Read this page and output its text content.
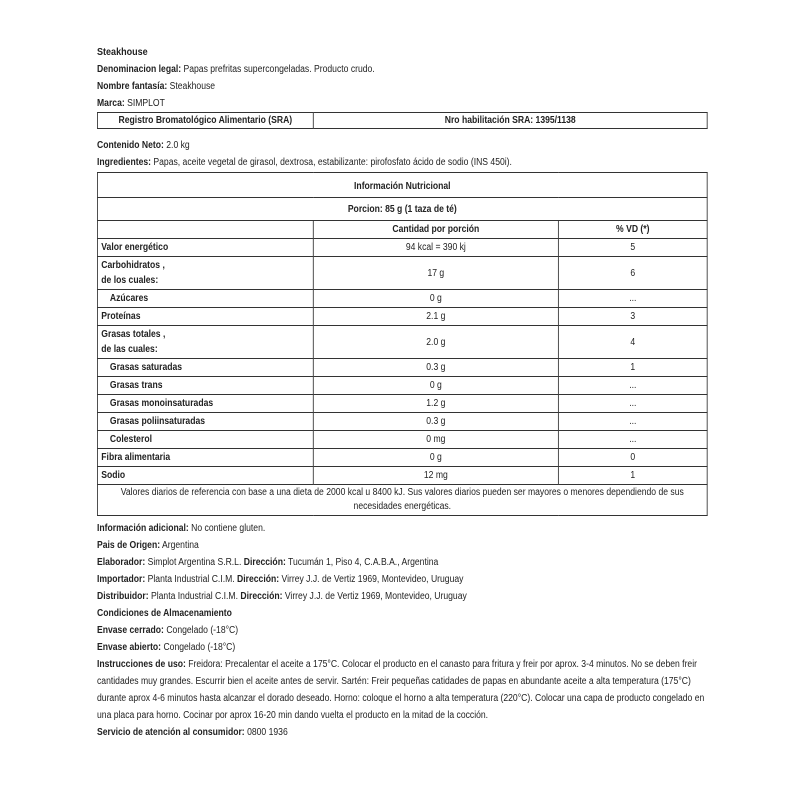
Steakhouse
Denominacion legal: Papas prefritas supercongeladas. Producto crudo.
Nombre fantasía: Steakhouse
Marca: SIMPLOT
Registro Bromatológico Alimentario (SRA)	Nro habilitación SRA: 1395/1138
Contenido Neto: 2.0 kg
Ingredientes: Papas, aceite vegetal de girasol, dextrosa, estabilizante: pirofosfato ácido de sodio (INS 450i).
Información Nutricional		

Porcion: 85 g (1 taza de té)		

	Cantidad por porción	% VD (*)

Valor energético	94 kcal = 390 kj	5

Carbohidratos ,
de los cuales:	17 g	6

Azúcares	0 g	...

Proteínas	2.1 g	3

Grasas totales ,
de las cuales:	2.0 g	4

Grasas saturadas	0.3 g	1

Grasas trans	0 g	...

Grasas monoinsaturadas	1.2 g	...

Grasas poliinsaturadas	0.3 g	...

Colesterol	0 mg	...

Fibra alimentaria	0 g	0

Sodio	12 mg	1
Valores diarios de referencia con base a una dieta de 2000 kcal u 8400 kJ. Sus valores diarios pueden ser mayores o menores dependiendo de sus necesidades energéticas.		
Información adicional: No contiene gluten.
Pais de Origen: Argentina
Elaborador: Simplot Argentina S.R.L. Dirección: Tucumán 1, Piso 4, C.A.B.A., Argentina
Importador: Planta Industrial C.I.M. Dirección: Virrey J.J. de Vertiz 1969, Montevideo, Uruguay
Distribuidor: Planta Industrial C.I.M. Dirección: Virrey J.J. de Vertiz 1969, Montevideo, Uruguay
Condiciones de Almacenamiento
Envase cerrado: Congelado (-18°C)
Envase abierto: Congelado (-18°C)
Instrucciones de uso: Freidora: Precalentar el aceite a 175°C. Colocar el producto en el canasto para fritura y freir por aprox. 3-4 minutos. No se deben freir cantidades muy grandes. Escurrir bien el aceite antes de servir. Sartén: Freir pequeñas catidades de papas en abundante aceite a alta temperatura (175°C) durante aprox 4-6 minutos hasta alcanzar el dorado deseado. Horno: coloque el horno a alta temperatura (220°C). Colocar una capa de producto congelado en una placa para horno. Cocinar por aprox 16-20 min dando vuelta el producto en la mitad de la cocción.
Servicio de atención al consumidor: 0800 1936
